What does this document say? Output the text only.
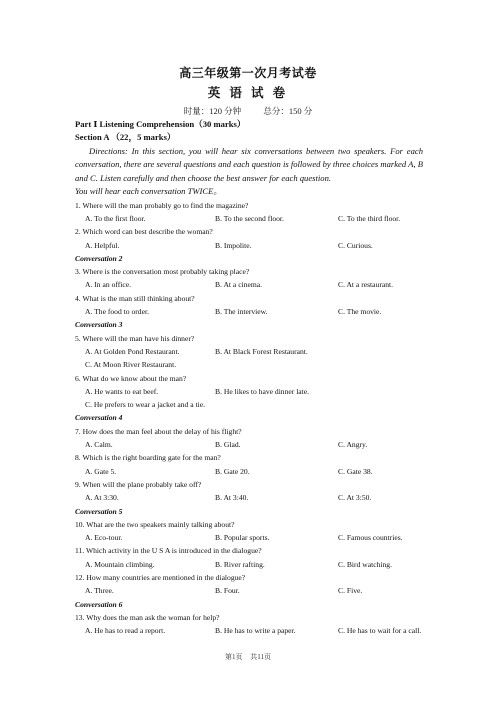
高三年级第一次月考试卷
英 语 试 卷
时量：120 分钟	总分：150 分
Part Ⅰ Listening Comprehension（30 marks）
Section A （22，5 marks）
Directions: In this section, you will hear six conversations between two speakers. For each conversation, there are several questions and each question is followed by three choices marked A, B and C. Listen carefully and then choose the best answer for each question.
You will hear each conversation TWICE。
1. Where will the man probably go to find the magazine?
A. To the first floor.	B. To the second floor.	C. To the third floor.
2. Which word can best describe the woman?
A. Helpful.	B. Impolite.	C. Curious.
Conversation 2
3. Where is the conversation most probably taking place?
A. In an office.	B. At a cinema.	C. At a restaurant.
4. What is the man still thinking about?
A. The food to order.	B. The interview.	C. The movie.
Conversation 3
5. Where will the man have his dinner?
A. At Golden Pond Restaurant.	B. At Black Forest Restaurant.
C. At Moon River Restaurant.
6. What do we know about the man?
A. He wants to eat beef.	B. He likes to have dinner late.
C. He prefers to wear a jacket and a tie.
Conversation 4
7. How does the man feel about the delay of his flight?
A. Calm.	B. Glad.	C. Angry.
8. Which is the right boarding gate for the man?
A. Gate 5.	B. Gate 20.	C. Gate 38.
9. When will the plane probably take off?
A. At 3:30.	B. At 3:40.	C. At 3:50.
Conversation 5
10. What are the two speakers mainly talking about?
A. Eco-tour.	B. Popular sports.	C. Famous countries.
11. Which activity in the U S A is introduced in the dialogue?
A. Mountain climbing.	B. River rafting.	C. Bird watching.
12. How many countries are mentioned in the dialogue?
A. Three.	B. Four.	C. Five.
Conversation 6
13. Why does the man ask the woman for help?
A. He has to read a report.	B. He has to write a paper.	C. He has to wait for a call.
第1页 共11页
